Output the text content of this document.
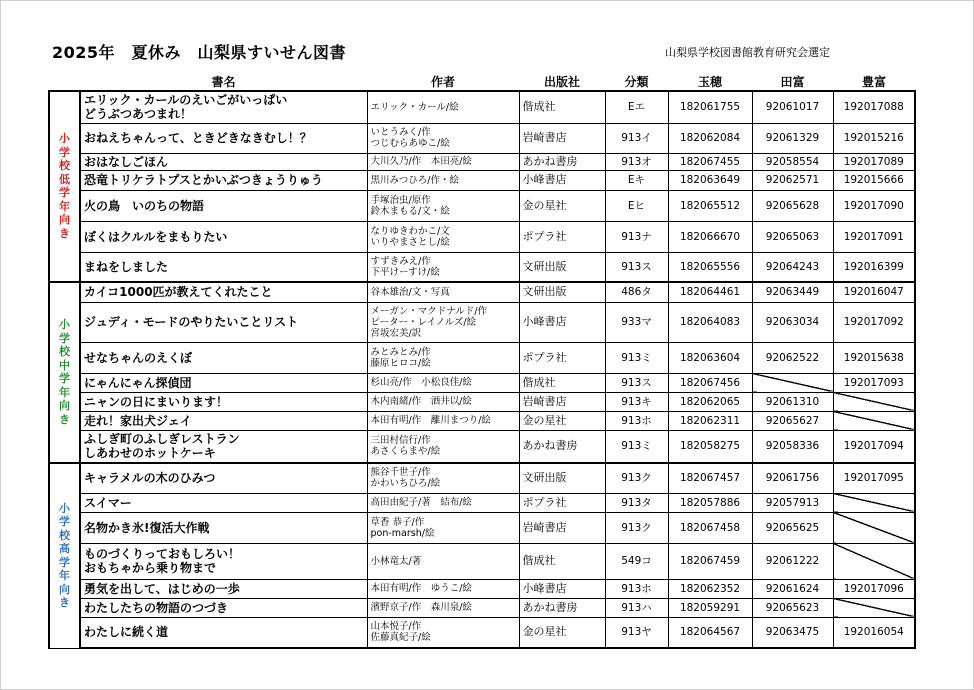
2025年　夏休み　山梨県すいせん図書	山梨県学校図書館教育研究会選定
	書名	作者	出版社	分類	玉穂	田富	豊富
小学校低学年向き	エリック・カールのえいごがいっぱい
どうぶつあつまれ！	エリック・カール/絵	偕成社	Eエ	182061755	92061017	192017088

	おねえちゃんって、ときどきなきむし！？	いとうみく/作
つじむらあゆこ/絵	岩崎書店	913イ	182062084	92061329	192015216

	おはなしごほん	大川久乃/作　本田亮/絵	あかね書房	913オ	182067455	92058554	192017089

	恐竜トリケラトプスとかいぶつきょうりゅう	黒川みつひろ/作・絵	小峰書店	Eキ	182063649	92062571	192015666

	火の鳥　いのちの物語	手塚治虫/原作
鈴木まもる/文・絵	金の星社	Eヒ	182065512	92065628	192017090

	ぼくはクルルをまもりたい	なりゆきわかこ/文
いりやまさとし/絵	ポプラ社	913ナ	182066670	92065063	192017091

	まねをしました	すずきみえ/作
下平けーすけ/絵	文研出版	913ス	182065556	92064243	192016399

小学校中学年向き	カイコ1000匹が教えてくれたこと	谷本雄治/文・写真	文研出版	486タ	182064461	92063449	192016047

	ジュディ・モードのやりたいことリスト	メーガン・マクドナルド/作
ピーター・レイノルズ/絵
宮坂宏美/訳	小峰書店	933マ	182064083	92063034	192017092

	せなちゃんのえくぼ	みとみとみ/作
藤原ヒロコ/絵	ポプラ社	913ミ	182063604	92062522	192015638

	にゃんにゃん探偵団	杉山亮/作　小松良佳/絵	偕成社	913ス	182067456		192017093

	ニャンの日にまいります！	木内南緒/作　酒井以/絵	岩崎書店	913キ	182062065	92061310	

	走れ！家出犬ジェイ	本田有明/作　離川まつり/絵	金の星社	913ホ	182062311	92065627	

	ふしぎ町のふしぎレストラン
しあわせのホットケーキ	三田村信行/作
あさくらまや/絵	あかね書房	913ミ	182058275	92058336	192017094

小学校高学年向き	キャラメルの木のひみつ	熊谷千世子/作
かわいちひろ/絵	文研出版	913ク	182067457	92061756	192017095

	スイマー	高田由紀子/著　結布/絵	ポプラ社	913タ	182057886	92057913	

	名物かき氷!復活大作戦	草香 恭子/作
pon-marsh/絵	岩崎書店	913ク	182067458	92065625	

	ものづくりっておもしろい！
おもちゃから乗り物まで	小林竜太/著	偕成社	549コ	182067459	92061222	

	勇気を出して、はじめの一歩	本田有明/作　ゆうこ/絵	小峰書店	913ホ	182062352	92061624	192017096

	わたしたちの物語のつづき	濱野京子/作　森川泉/絵	あかね書房	913ハ	182059291	92065623	

	わたしに続く道	山本悦子/作
佐藤真紀子/絵	金の星社	913ヤ	182064567	92063475	192016054
